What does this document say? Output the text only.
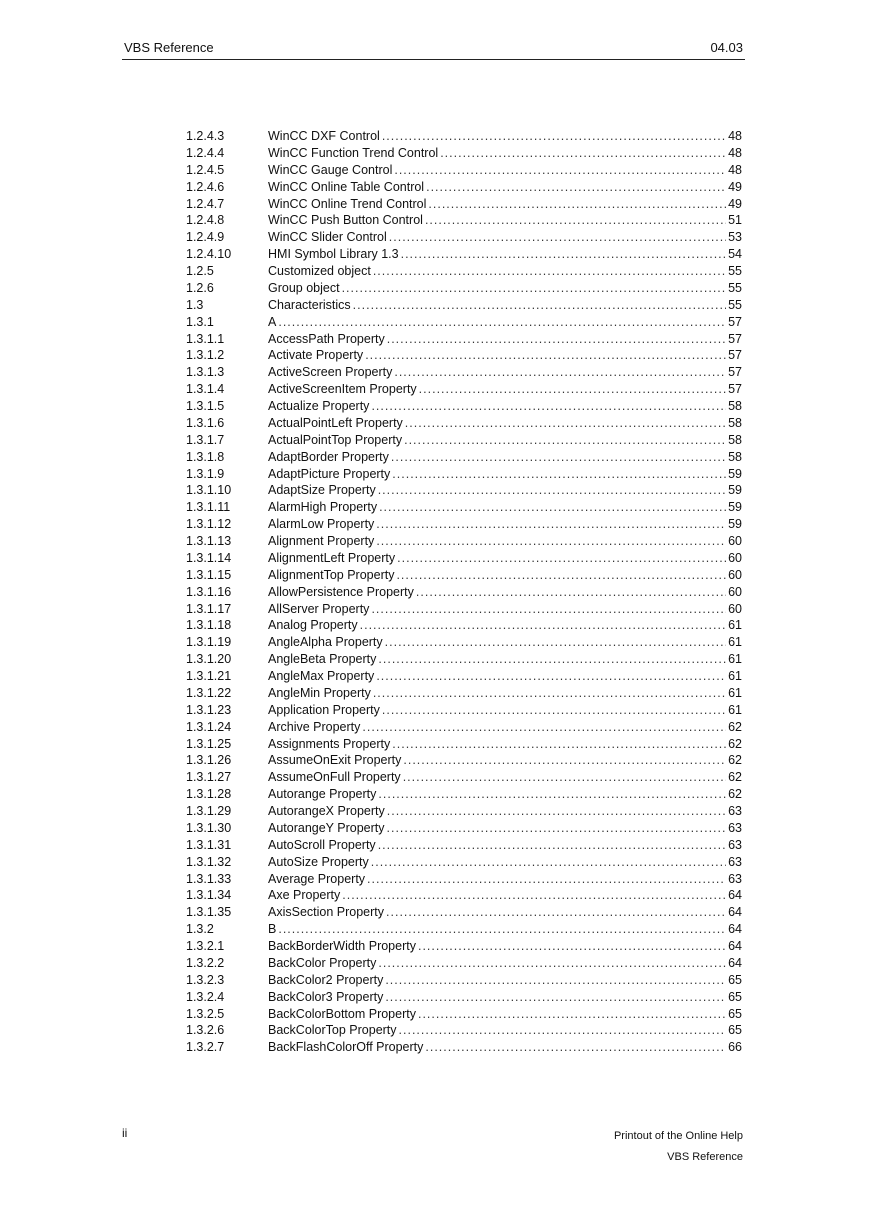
VBS Reference	04.03
1.2.4.3	WinCC DXF Control .....	48
1.2.4.4	WinCC Function Trend Control .....	48
1.2.4.5	WinCC Gauge Control .....	48
1.2.4.6	WinCC Online Table Control .....	49
1.2.4.7	WinCC Online Trend Control .....	49
1.2.4.8	WinCC Push Button Control .....	51
1.2.4.9	WinCC Slider Control .....	53
1.2.4.10	HMI Symbol Library 1.3 .....	54
1.2.5	Customized object .....	55
1.2.6	Group object .....	55
1.3	Characteristics .....	55
1.3.1	A .....	57
1.3.1.1	AccessPath Property .....	57
1.3.1.2	Activate Property .....	57
1.3.1.3	ActiveScreen Property .....	57
1.3.1.4	ActiveScreenItem Property .....	57
1.3.1.5	Actualize Property .....	58
1.3.1.6	ActualPointLeft Property .....	58
1.3.1.7	ActualPointTop Property .....	58
1.3.1.8	AdaptBorder Property .....	58
1.3.1.9	AdaptPicture Property .....	59
1.3.1.10	AdaptSize Property .....	59
1.3.1.11	AlarmHigh Property .....	59
1.3.1.12	AlarmLow Property .....	59
1.3.1.13	Alignment Property .....	60
1.3.1.14	AlignmentLeft Property .....	60
1.3.1.15	AlignmentTop Property .....	60
1.3.1.16	AllowPersistence Property .....	60
1.3.1.17	AllServer Property .....	60
1.3.1.18	Analog Property .....	61
1.3.1.19	AngleAlpha Property .....	61
1.3.1.20	AngleBeta Property .....	61
1.3.1.21	AngleMax Property .....	61
1.3.1.22	AngleMin Property .....	61
1.3.1.23	Application Property .....	61
1.3.1.24	Archive Property .....	62
1.3.1.25	Assignments Property .....	62
1.3.1.26	AssumeOnExit Property .....	62
1.3.1.27	AssumeOnFull Property .....	62
1.3.1.28	Autorange Property .....	62
1.3.1.29	AutorangeX Property .....	63
1.3.1.30	AutorangeY Property .....	63
1.3.1.31	AutoScroll Property .....	63
1.3.1.32	AutoSize Property .....	63
1.3.1.33	Average Property .....	63
1.3.1.34	Axe Property .....	64
1.3.1.35	AxisSection Property .....	64
1.3.2	B .....	64
1.3.2.1	BackBorderWidth Property .....	64
1.3.2.2	BackColor Property .....	64
1.3.2.3	BackColor2 Property .....	65
1.3.2.4	BackColor3 Property .....	65
1.3.2.5	BackColorBottom Property .....	65
1.3.2.6	BackColorTop Property .....	65
1.3.2.7	BackFlashColorOff Property .....	66
ii	Printout of the Online Help
VBS Reference
